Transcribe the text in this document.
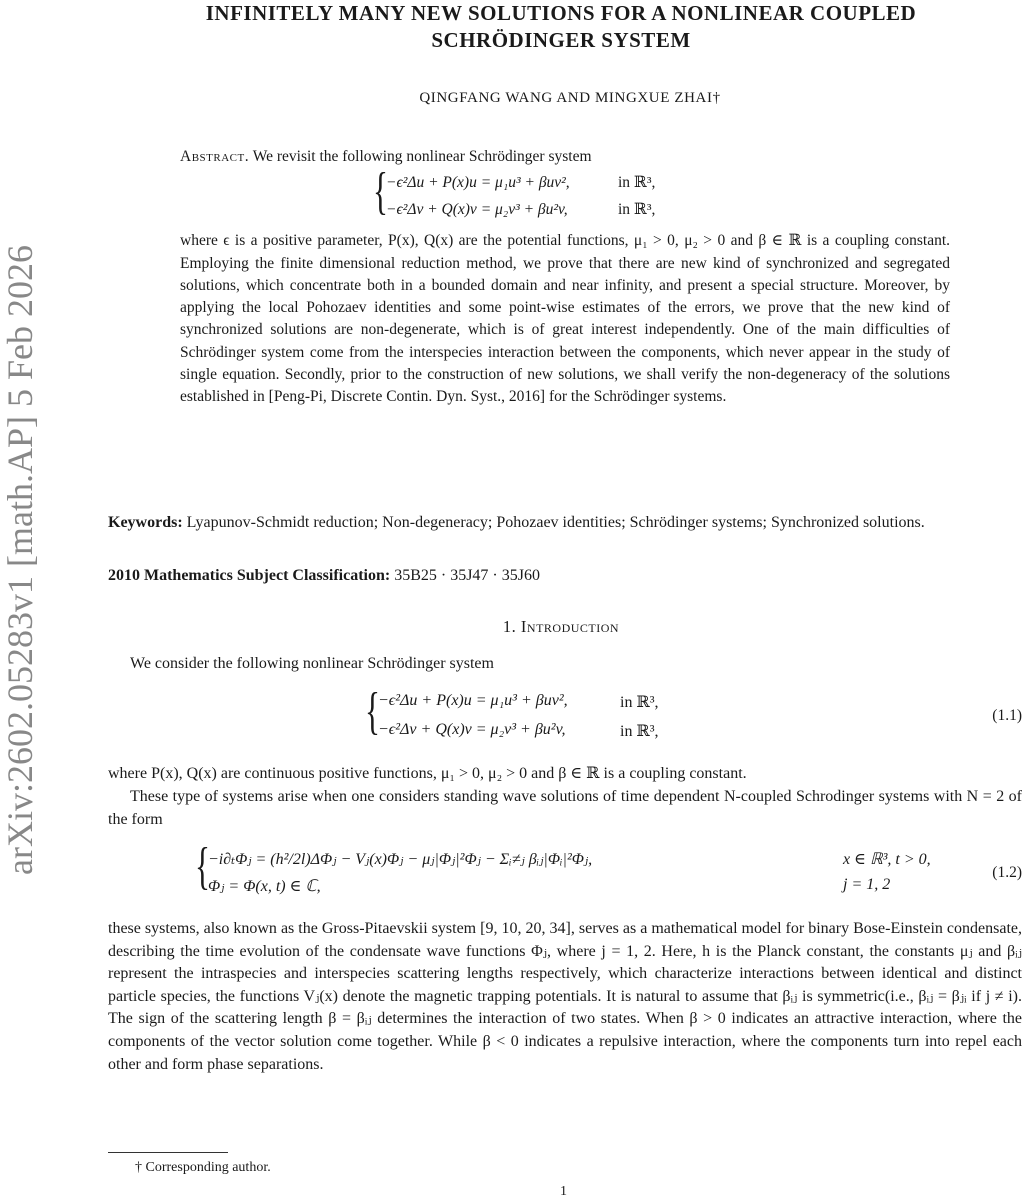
arXiv:2602.05283v1 [math.AP] 5 Feb 2026
INFINITELY MANY NEW SOLUTIONS FOR A NONLINEAR COUPLED
SCHRÖDINGER SYSTEM
QINGFANG WANG AND MINGXUE ZHAI†
Abstract. We revisit the following nonlinear Schrödinger system
{
−ϵ²Δu + P(x)u = μ₁u³ + βuv²,	in ℝ³,
−ϵ²Δv + Q(x)v = μ₂v³ + βu²v,	in ℝ³,
where ϵ is a positive parameter, P(x), Q(x) are the potential functions, μ₁ > 0, μ₂ > 0 and β ∈ ℝ is a coupling constant. Employing the finite dimensional reduction method, we prove that there are new kind of synchronized and segregated solutions, which concentrate both in a bounded domain and near infinity, and present a special structure. Moreover, by applying the local Pohozaev identities and some point-wise estimates of the errors, we prove that the new kind of synchronized solutions are non-degenerate, which is of great interest independently. One of the main difficulties of Schrödinger system come from the interspecies interaction between the components, which never appear in the study of single equation. Secondly, prior to the construction of new solutions, we shall verify the non-degeneracy of the solutions established in [Peng-Pi, Discrete Contin. Dyn. Syst., 2016] for the Schrödinger systems.
Keywords: Lyapunov-Schmidt reduction; Non-degeneracy; Pohozaev identities; Schrödinger systems; Synchronized solutions.
2010 Mathematics Subject Classification: 35B25 · 35J47 · 35J60
1. Introduction
We consider the following nonlinear Schrödinger system
{
−ϵ²Δu + P(x)u = μ₁u³ + βuv²,	in ℝ³,
−ϵ²Δv + Q(x)v = μ₂v³ + βu²v,	in ℝ³,
(1.1)
where P(x), Q(x) are continuous positive functions, μ₁ > 0, μ₂ > 0 and β ∈ ℝ is a coupling constant.
These type of systems arise when one considers standing wave solutions of time dependent N-coupled Schrodinger systems with N = 2 of the form
{
−i∂ₜΦⱼ = (h²/2l)ΔΦⱼ − Vⱼ(x)Φⱼ − μⱼ|Φⱼ|²Φⱼ − Σᵢ≠ⱼ βᵢⱼ|Φᵢ|²Φⱼ,	x ∈ ℝ³, t > 0,
Φⱼ = Φ(x, t) ∈ ℂ,	j = 1, 2
(1.2)
these systems, also known as the Gross-Pitaevskii system [9, 10, 20, 34], serves as a mathematical model for binary Bose-Einstein condensate, describing the time evolution of the condensate wave functions Φⱼ, where j = 1, 2. Here, h is the Planck constant, the constants μⱼ and βᵢⱼ represent the intraspecies and interspecies scattering lengths respectively, which characterize interactions between identical and distinct particle species, the functions Vⱼ(x) denote the magnetic trapping potentials. It is natural to assume that βᵢⱼ is symmetric(i.e., βᵢⱼ = βⱼᵢ if j ≠ i). The sign of the scattering length β = βᵢⱼ determines the interaction of two states. When β > 0 indicates an attractive interaction, where the components of the vector solution come together. While β < 0 indicates a repulsive interaction, where the components turn into repel each other and form phase separations.
† Corresponding author.
1
